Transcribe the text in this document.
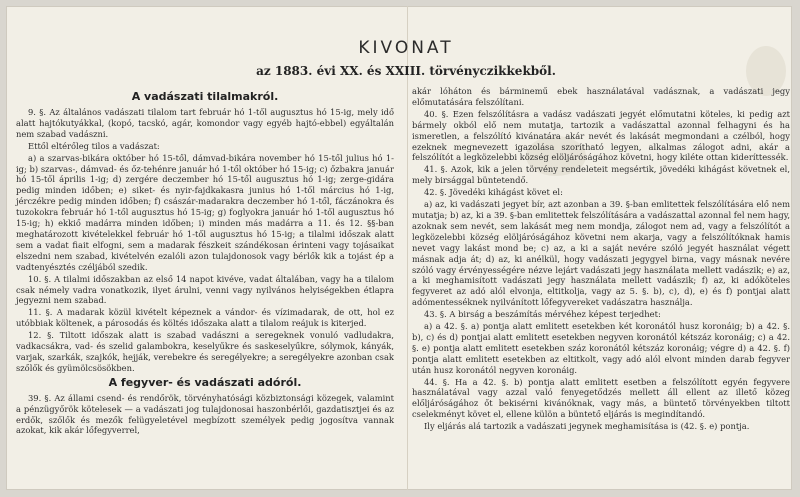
KIVONAT
az 1883. évi XX. és XXIII. törvényczikkekből.
A vadászati tilalmakról.

9. §. Az általános vadászati tilalom tart február hó 1-től augusztus hó 15-ig, mely idő alatt hajtókutyákkal, (kopó, tacskó, agár, komondor vagy egyéb hajtó-ebbel) egyáltalán nem szabad vadászni.

Ettől eltérőleg tilos a vadászat:

a) a szarvas-bikára október hó 15-től, dámvad-bikára november hó 15-től julius hó 1-ig; b) szarvas-, dámvad- és őz-tehénre január hó 1-től október hó 15-ig; c) őzbakra január hó 15-től április 1-ig; d) zergére deczember hó 15-től augusztus hó 1-ig; zerge-gidára pedig minden időben; e) siket- és nyir-fajdkakasra junius hó 1-től március hó 1-ig, jérczékre pedig minden időben; f) császár-madarakra deczember hó 1-től, fáczánokra és tuzokokra február hó 1-től augusztus hó 15-ig; g) foglyokra január hó 1-től augusztus hó 15-ig; h) ekkiő madárra minden időben; i) minden más madárra a 11. és 12. §§-ban meghatározott kivételekkel február hó 1-től augusztus hó 15-ig; a tilalmi időszak alatt sem a vadat fiait elfogni, sem a madarak fészkeit szándékosan érinteni vagy tojásaikat elszedni nem szabad, kivételvén ezalóli azon tulajdonosok vagy bérlők kik a tojást ép a vadtenyésztés czéljából szedik.

10. §. A tilalmi időszakban az első 14 napot kivéve, vadat általában, vagy ha a tilalom csak némely vadra vonatkozik, ilyet árulni, venni vagy nyilvános helyiségekben étlapra jegyezni nem szabad.

11. §. A madarak közül kivételt képeznek a vándor- és vízimadarak, de ott, hol ez utóbbiak költenek, a párosodás és költés időszaka alatt a tilalom reájuk is kiterjed.

12. §. Tiltott időszak alatt is szabad vadászni a seregeknek vonuló vadludakra, vadkacsákra, vad- és szelid galambokra, keselyűkre és saskeselyűkre, sólymok, kányák, varjak, szarkák, szajkók, hejják, verebekre és seregélyekre; a seregélyekre azonban csak szőlők és gyümölcsösökben.

A fegyver- és vadászati adóról.

39. §. Az állami csend- és rendőrök, törvényhatósági közbiztonsági közegek, valamint a pénzügyőrök kötelesek — a vadászati jog tulajdonosai haszonbérlői, gazdatisztjei és az erdők, szőlők és mezők felügyeletével megbízott személyek pedig jogosítva vannak azokat, kik akár lőfegyverrel,

akár lóháton és bárminemű ebek használatával vadásznak, a vadászati jegy előmutatására felszólítani.

40. §. Ezen felszólításra a vadász vadászati jegyét előmutatni köteles, ki pedig azt bármely okból elő nem mutatja, tartozik a vadászattal azonnal felhagyni és ha ismeretlen, a felszólító kivánatára akár nevét és lakását megmondani a czélból, hogy ezeknek megnevezett igazolása szorítható legyen, alkalmas zálogot adni, akár a felszólítót a legközelebbi község elöljáróságához követni, hogy kiléte ottan kideríttessék.

41. §. Azok, kik a jelen törvény rendeleteit megsértik, jövedéki kihágást követnek el, mely birsággal büntetendő.

42. §. Jövedéki kihágást követ el:

a) az, ki vadászati jegyet bír, azt azonban a 39. §-ban emlitettek felszólítására elő nem mutatja; b) az, ki a 39. §-ban emlitettek felszólítására a vadászattal azonnal fel nem hagy, azoknak sem nevét, sem lakását meg nem mondja, zálogot nem ad, vagy a felszólítót a legközelebbi község elöljáróságához követni nem akarja, vagy a felszólítóknak hamis nevet vagy lakást mond be; c) az, a ki a saját nevére szóló jegyét használat végett másnak adja át; d) az, ki anélkül, hogy vadászati jegygyel birna, vagy másnak nevére szóló vagy érvényességére nézve lejárt vadászati jegy használata mellett vadászik; e) az, a ki meghamisított vadászati jegy használata mellett vadászik; f) az, ki adóköteles fegyveret az adó alól elvonja, eltitkolja, vagy az 5. §. b), c), d), e) és f) pontjai alatt adómentesséknek nyilvánított lőfegyvereket vadászatra használja.

43. §. A birság a beszámítás mérvéhez képest terjedhet:

a) a 42. §. a) pontja alatt emlitett esetekben két koronától husz koronáig; b) a 42. §. b), c) és d) pontjai alatt emlitett esetekben negyven koronától kétszáz koronáig; c) a 42. §. e) pontja alatt emlitett esetekben száz koronától kétszáz koronáig; végre d) a 42. §. f) pontja alatt emlitett esetekben az eltitkolt, vagy adó alól elvont minden darab fegyver után husz koronától negyven koronáig.

44. §. Ha a 42. §. b) pontja alatt emlitett esetben a felszólított egyén fegyvere használatával vagy azzal való fenyegetődzés mellett áll ellent az illető közeg előljáróságához őt bekisérni kivánóknak, vagy más, a büntető törvényekben tiltott cselekményt követ el, ellene külön a büntető eljárás is megindítandó.

Ily eljárás alá tartozik a vadászati jegynek meghamisítása is (42. §. e) pontja.
